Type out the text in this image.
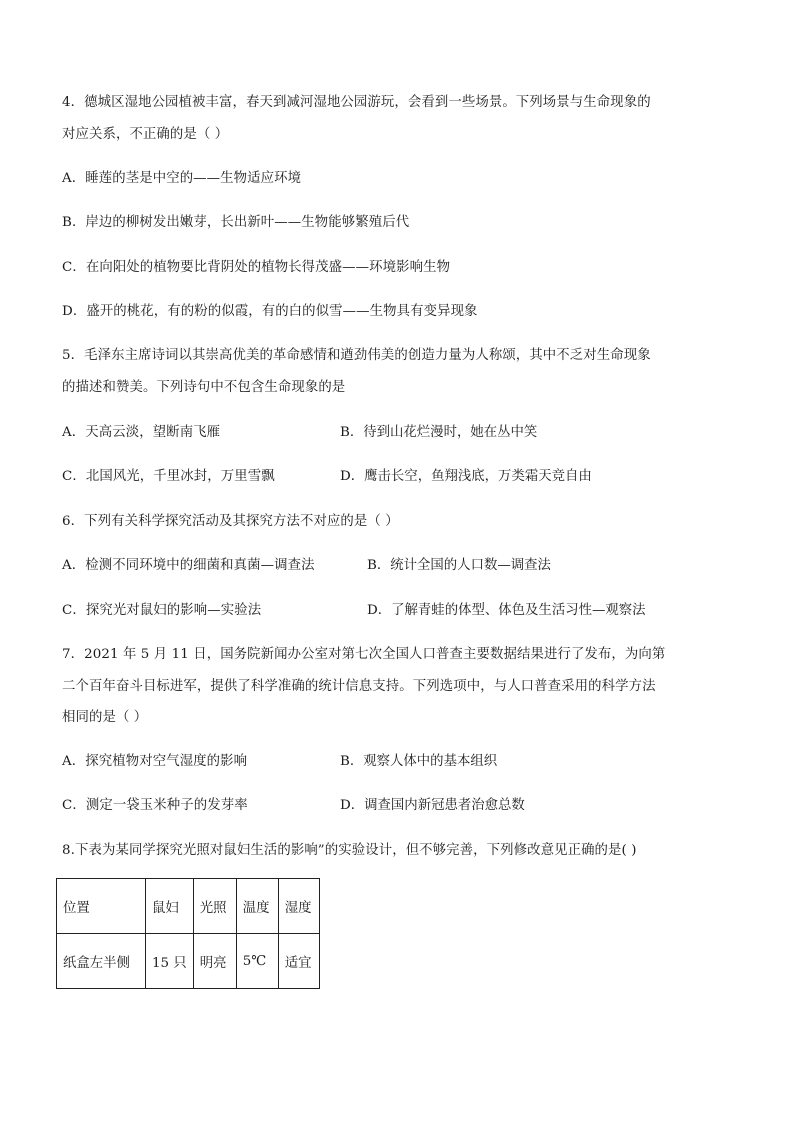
4．德城区湿地公园植被丰富，春天到减河湿地公园游玩，会看到一些场景。下列场景与生命现象的
对应关系，不正确的是（ ）
A．睡莲的茎是中空的——生物适应环境
B．岸边的柳树发出嫩芽，长出新叶——生物能够繁殖后代
C．在向阳处的植物要比背阴处的植物长得茂盛——环境影响生物
D．盛开的桃花，有的粉的似霞，有的白的似雪——生物具有变异现象
5．毛泽东主席诗词以其崇高优美的革命感情和遒劲伟美的创造力量为人称颂，其中不乏对生命现象
的描述和赞美。下列诗句中不包含生命现象的是
A．天高云淡，望断南飞雁	B．待到山花烂漫时，她在丛中笑
C．北国风光，千里冰封，万里雪飘	D．鹰击长空，鱼翔浅底，万类霜天竞自由
6．下列有关科学探究活动及其探究方法不对应的是（ ）
A．检测不同环境中的细菌和真菌—调查法	B．统计全国的人口数—调查法
C．探究光对鼠妇的影响—实验法	D．了解青蛙的体型、体色及生活习性—观察法
7．2021 年 5 月 11 日，国务院新闻办公室对第七次全国人口普查主要数据结果进行了发布，为向第
二个百年奋斗目标进军，提供了科学准确的统计信息支持。下列选项中，与人口普查采用的科学方法
相同的是（ ）
A．探究植物对空气湿度的影响	B．观察人体中的基本组织
C．测定一袋玉米种子的发芽率	D．调查国内新冠患者治愈总数
8.下表为某同学探究光照对鼠妇生活的影响”的实验设计，但不够完善，下列修改意见正确的是( )
位置	鼠妇	光照	温度	湿度
纸盒左半侧	15 只	明亮	5℃	适宜
